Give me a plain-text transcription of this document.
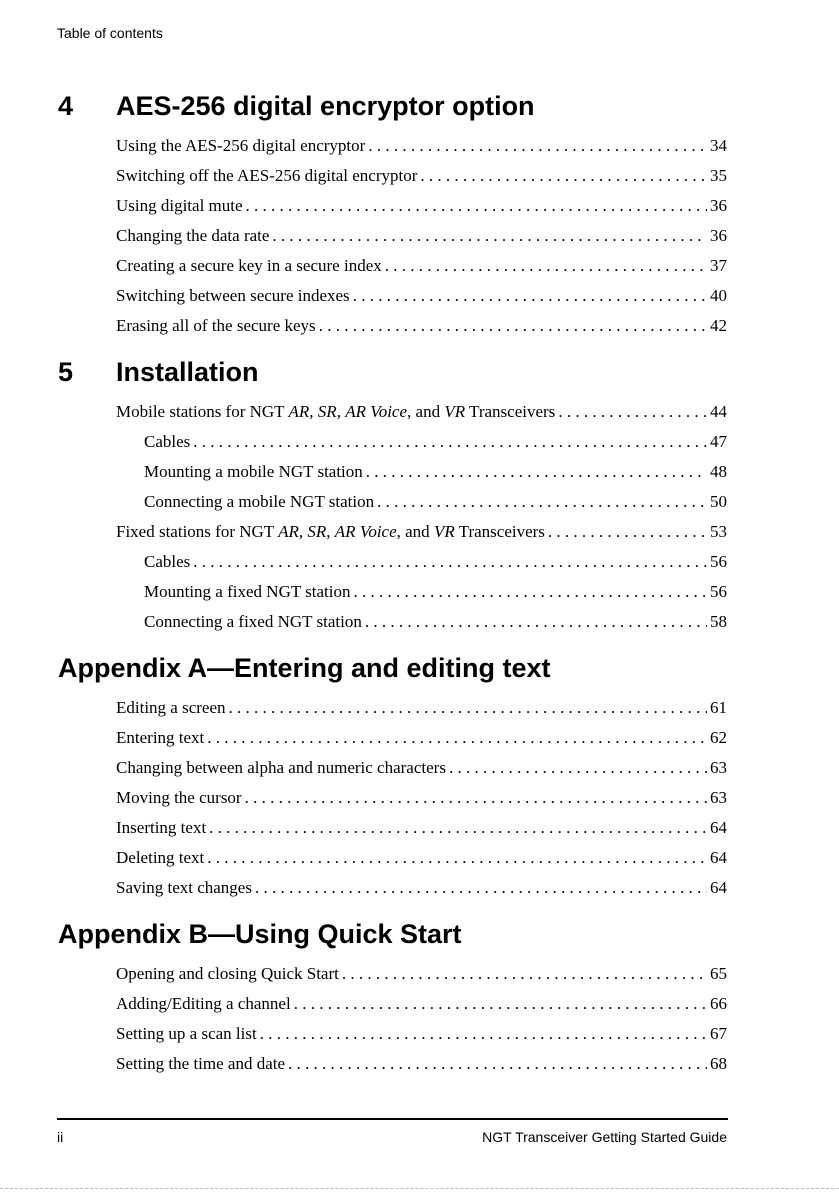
Table of contents
4 AES-256 digital encryptor option
Using the AES-256 digital encryptor . . .	34
Switching off the AES-256 digital encryptor . . .	35
Using digital mute . . .	36
Changing the data rate . . .	36
Creating a secure key in a secure index . . .	37
Switching between secure indexes . . .	40
Erasing all of the secure keys . . .	42
5 Installation
Mobile stations for NGT AR, SR, AR Voice, and VR Transceivers . . .	44
Cables . . .	47
Mounting a mobile NGT station . . .	48
Connecting a mobile NGT station . . .	50
Fixed stations for NGT AR, SR, AR Voice, and VR Transceivers . . .	53
Cables . . .	56
Mounting a fixed NGT station . . .	56
Connecting a fixed NGT station . . .	58
Appendix A—Entering and editing text
Editing a screen . . .	61
Entering text . . .	62
Changing between alpha and numeric characters . . .	63
Moving the cursor . . .	63
Inserting text . . .	64
Deleting text . . .	64
Saving text changes . . .	64
Appendix B—Using Quick Start
Opening and closing Quick Start . . .	65
Adding/Editing a channel . . .	66
Setting up a scan list . . .	67
Setting the time and date . . .	68
ii	NGT Transceiver Getting Started Guide
